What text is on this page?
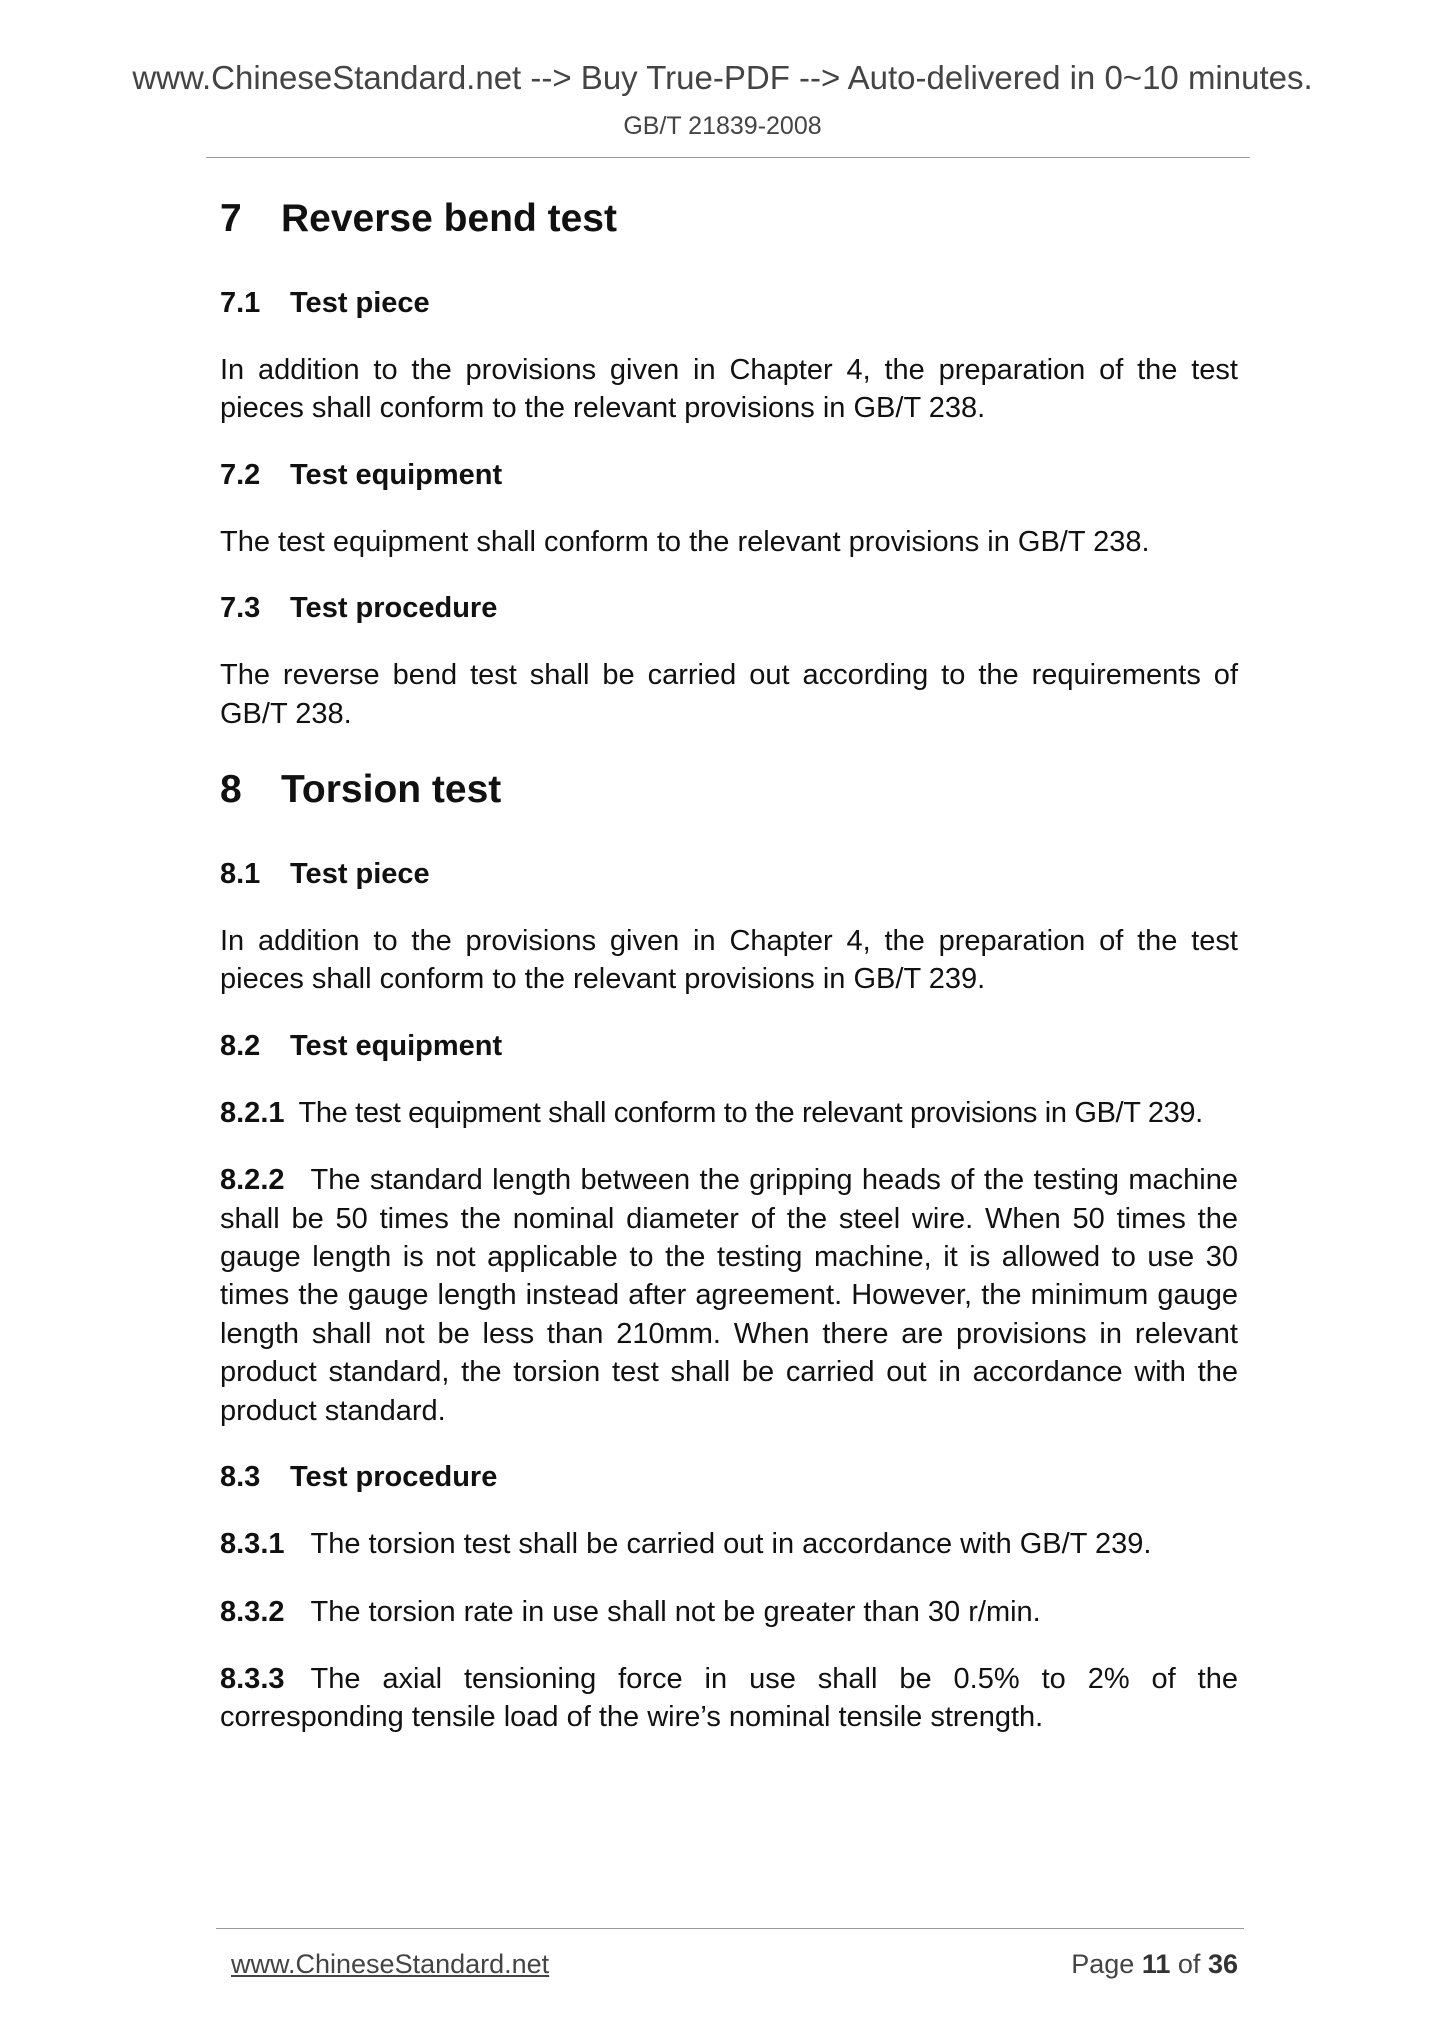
www.ChineseStandard.net --> Buy True-PDF --> Auto-delivered in 0~10 minutes.
GB/T 21839-2008
7 Reverse bend test
7.1 Test piece

In addition to the provisions given in Chapter 4, the preparation of the test pieces shall conform to the relevant provisions in GB/T 238.

7.2 Test equipment

The test equipment shall conform to the relevant provisions in GB/T 238.

7.3 Test procedure

The reverse bend test shall be carried out according to the requirements of GB/T 238.

8 Torsion test
8.1 Test piece

In addition to the provisions given in Chapter 4, the preparation of the test pieces shall conform to the relevant provisions in GB/T 239.

8.2 Test equipment

8.2.1 The test equipment shall conform to the relevant provisions in GB/T 239.

8.2.2 The standard length between the gripping heads of the testing machine shall be 50 times the nominal diameter of the steel wire. When 50 times the gauge length is not applicable to the testing machine, it is allowed to use 30 times the gauge length instead after agreement. However, the minimum gauge length shall not be less than 210mm. When there are provisions in relevant product standard, the torsion test shall be carried out in accordance with the product standard.

8.3 Test procedure

8.3.1 The torsion test shall be carried out in accordance with GB/T 239.

8.3.2 The torsion rate in use shall not be greater than 30 r/min.

8.3.3 The axial tensioning force in use shall be 0.5% to 2% of the corresponding tensile load of the wire’s nominal tensile strength.

www.ChineseStandard.net	Page 11 of 36
